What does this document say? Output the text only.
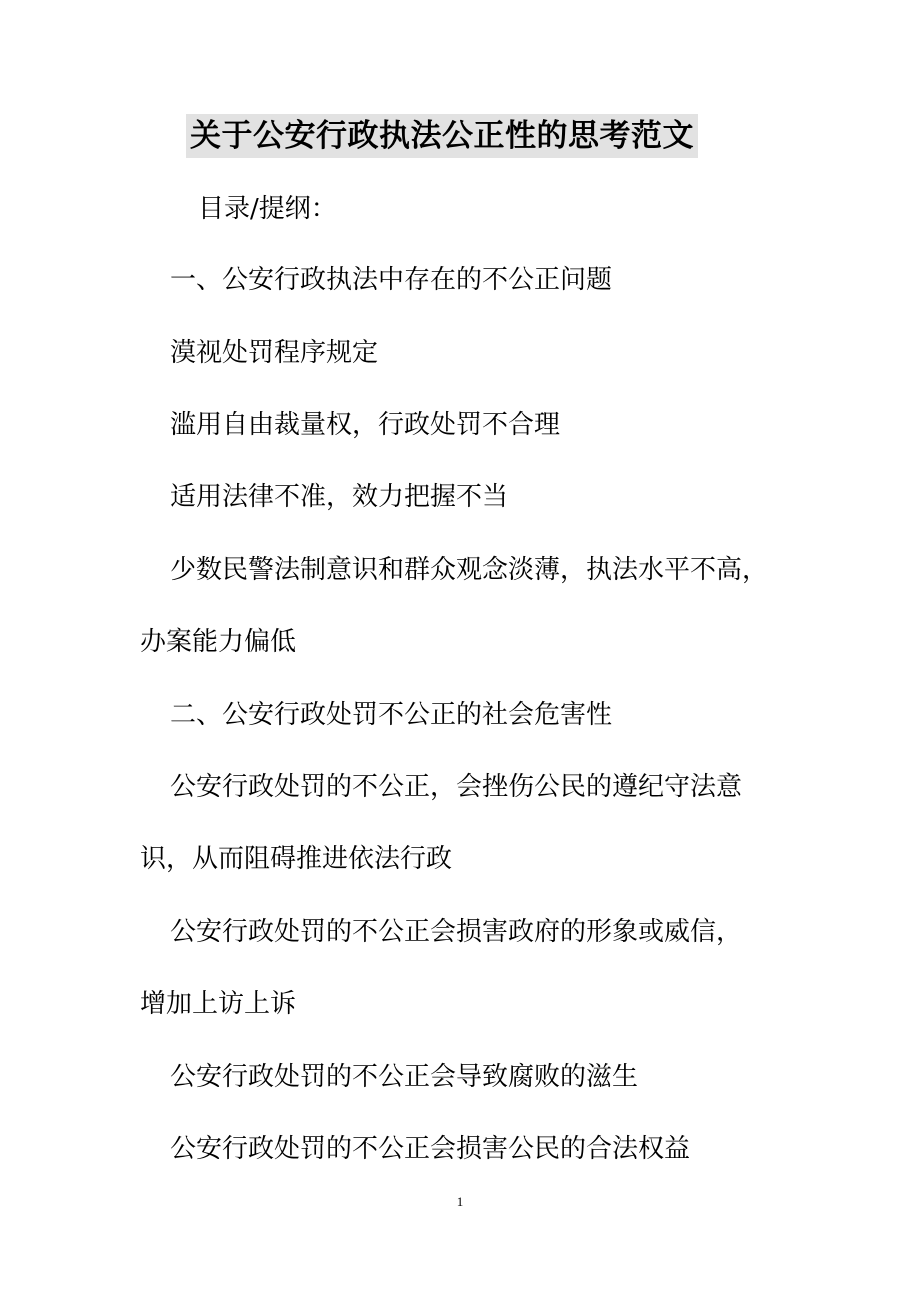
关于公安行政执法公正性的思考范文
目录/提纲：
一、公安行政执法中存在的不公正问题
漠视处罚程序规定
滥用自由裁量权，行政处罚不合理
适用法律不准，效力把握不当
少数民警法制意识和群众观念淡薄，执法水平不高，
办案能力偏低
二、公安行政处罚不公正的社会危害性
公安行政处罚的不公正，会挫伤公民的遵纪守法意
识，从而阻碍推进依法行政
公安行政处罚的不公正会损害政府的形象或威信，
增加上访上诉
公安行政处罚的不公正会导致腐败的滋生
公安行政处罚的不公正会损害公民的合法权益
1
